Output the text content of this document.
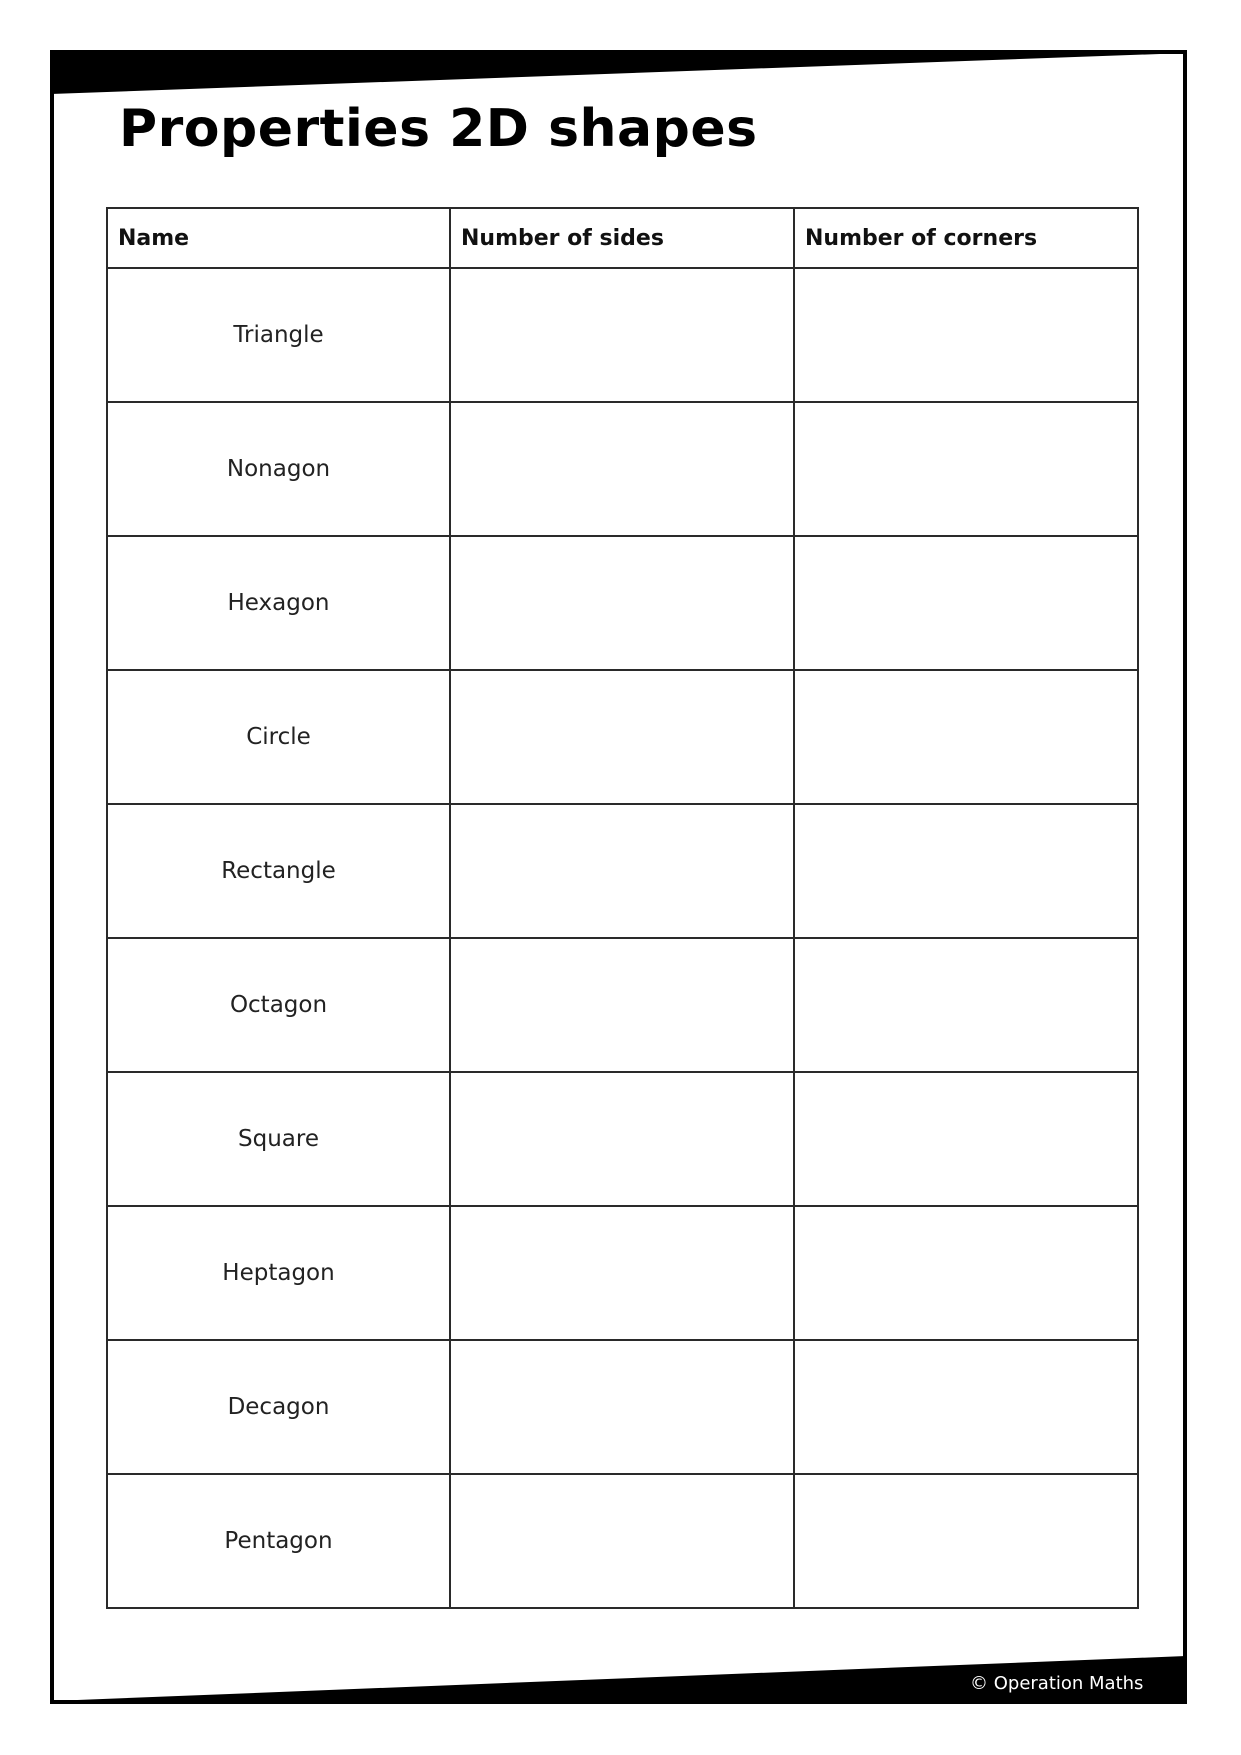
Properties 2D shapes
Name	Number of sides	Number of corners
Triangle		
Nonagon		
Hexagon		
Circle		
Rectangle		
Octagon		
Square		
Heptagon		
Decagon		
Pentagon		
© Operation Maths
